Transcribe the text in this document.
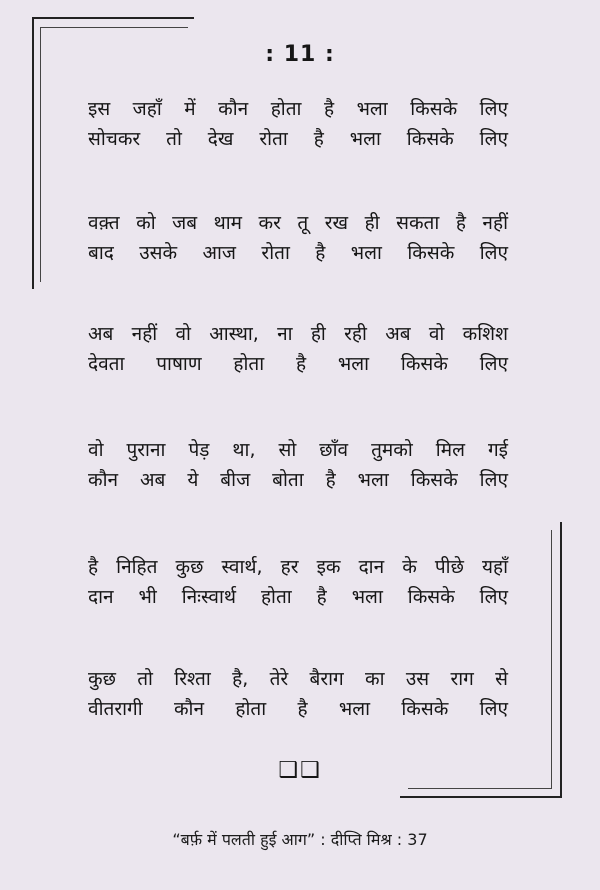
: 11 :
इस जहाँ में कौन होता है भला किसके लिए
सोचकर तो देख रोता है भला किसके लिए
वक़्त को जब थाम कर तू रख ही सकता है नहीं
बाद उसके आज रोता है भला किसके लिए
अब नहीं वो आस्था, ना ही रही अब वो कशिश
देवता पाषाण होता है भला किसके लिए
वो पुराना पेड़ था, सो छाँव तुमको मिल गई
कौन अब ये बीज बोता है भला किसके लिए
है निहित कुछ स्वार्थ, हर इक दान के पीछे यहाँ
दान भी निःस्वार्थ होता है भला किसके लिए
कुछ तो रिश्ता है, तेरे बैराग का उस राग से
वीतरागी कौन होता है भला किसके लिए
❑❑
“बर्फ़ में पलती हुई आग” : दीप्ति मिश्र : 37
